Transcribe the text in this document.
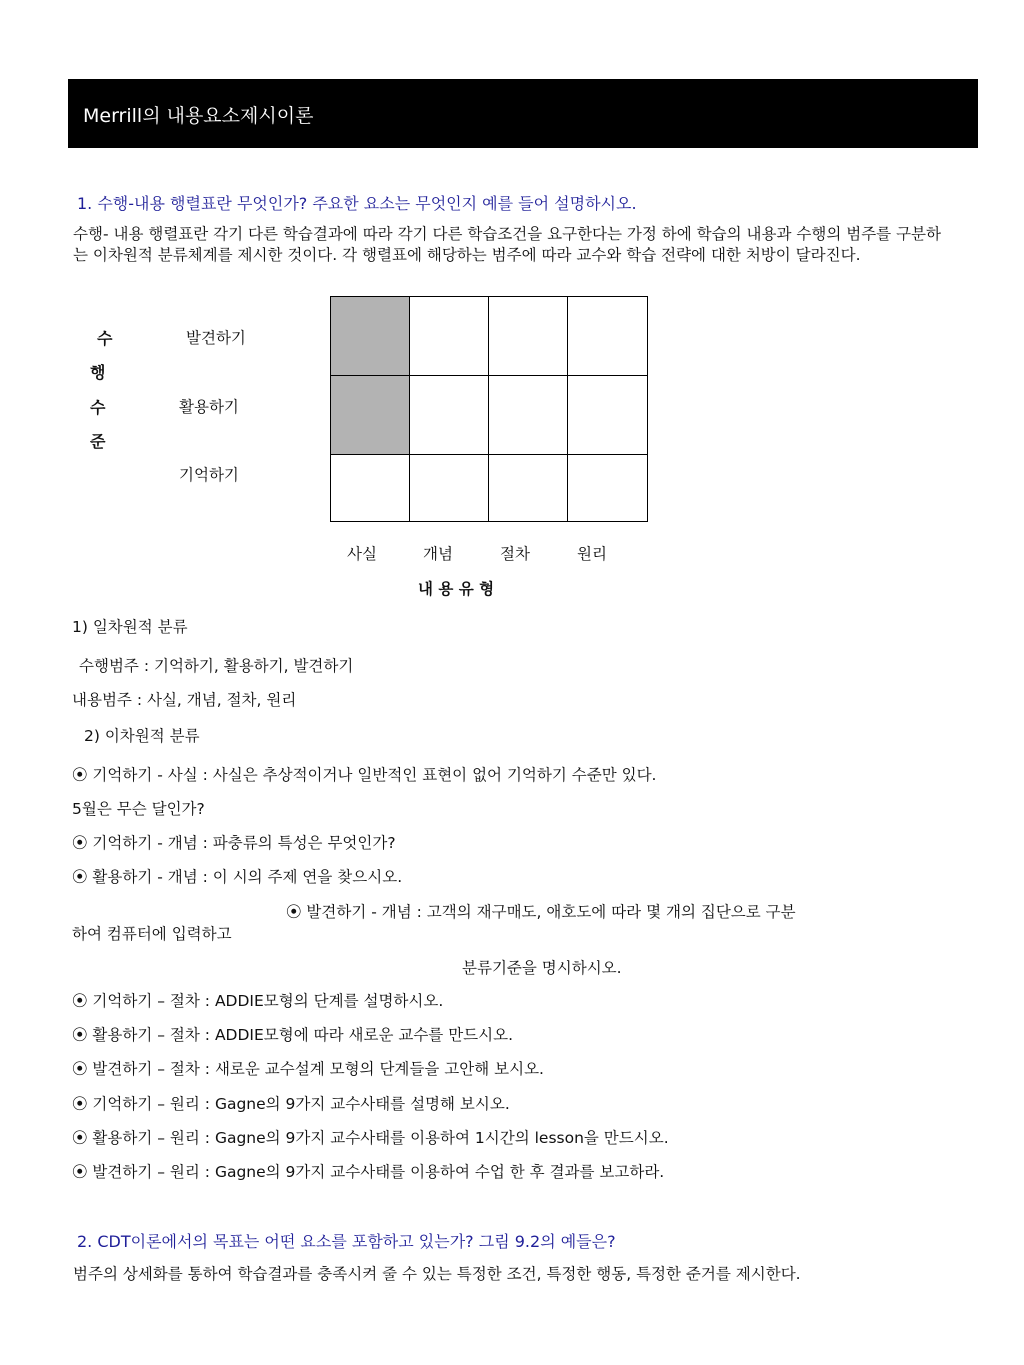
Merrill의 내용요소제시이론
1. 수행-내용 행렬표란 무엇인가? 주요한 요소는 무엇인지 예를 들어 설명하시오.
수행- 내용 행렬표란 각기 다른 학습결과에 따라 각기 다른 학습조건을 요구한다는 가정 하에 학습의 내용과 수행의 범주를 구분하는 이차원적 분류체계를 제시한 것이다. 각 행렬표에 해당하는 범주에 따라 교수와 학습 전략에 대한 처방이 달라진다.
수
행
수
준
발견하기
활용하기
기억하기
사실	개념	절차	원리
내 용 유 형
1) 일차원적 분류
수행범주 : 기억하기, 활용하기, 발견하기
내용범주 : 사실, 개념, 절차, 원리
2) 이차원적 분류
⦿ 기억하기 - 사실 : 사실은 추상적이거나 일반적인 표현이 없어 기억하기 수준만 있다.
5월은 무슨 달인가?
⦿ 기억하기 - 개념 : 파충류의 특성은 무엇인가?
⦿ 활용하기 - 개념 : 이 시의 주제 연을 찾으시오.
⦿ 발견하기 - 개념 : 고객의 재구매도, 애호도에 따라 몇 개의 집단으로 구분
하여 컴퓨터에 입력하고
분류기준을 명시하시오.
⦿ 기억하기 – 절차 : ADDIE모형의 단계를 설명하시오.
⦿ 활용하기 – 절차 : ADDIE모형에 따라 새로운 교수를 만드시오.
⦿ 발견하기 – 절차 : 새로운 교수설계 모형의 단계들을 고안해 보시오.
⦿ 기억하기 – 원리 : Gagne의 9가지 교수사태를 설명해 보시오.
⦿ 활용하기 – 원리 : Gagne의 9가지 교수사태를 이용하여 1시간의 lesson을 만드시오.
⦿ 발견하기 – 원리 : Gagne의 9가지 교수사태를 이용하여 수업 한 후 결과를 보고하라.
2. CDT이론에서의 목표는 어떤 요소를 포함하고 있는가? 그림 9.2의 예들은?
범주의 상세화를 통하여 학습결과를 충족시켜 줄 수 있는 특정한 조건, 특정한 행동, 특정한 준거를 제시한다.
